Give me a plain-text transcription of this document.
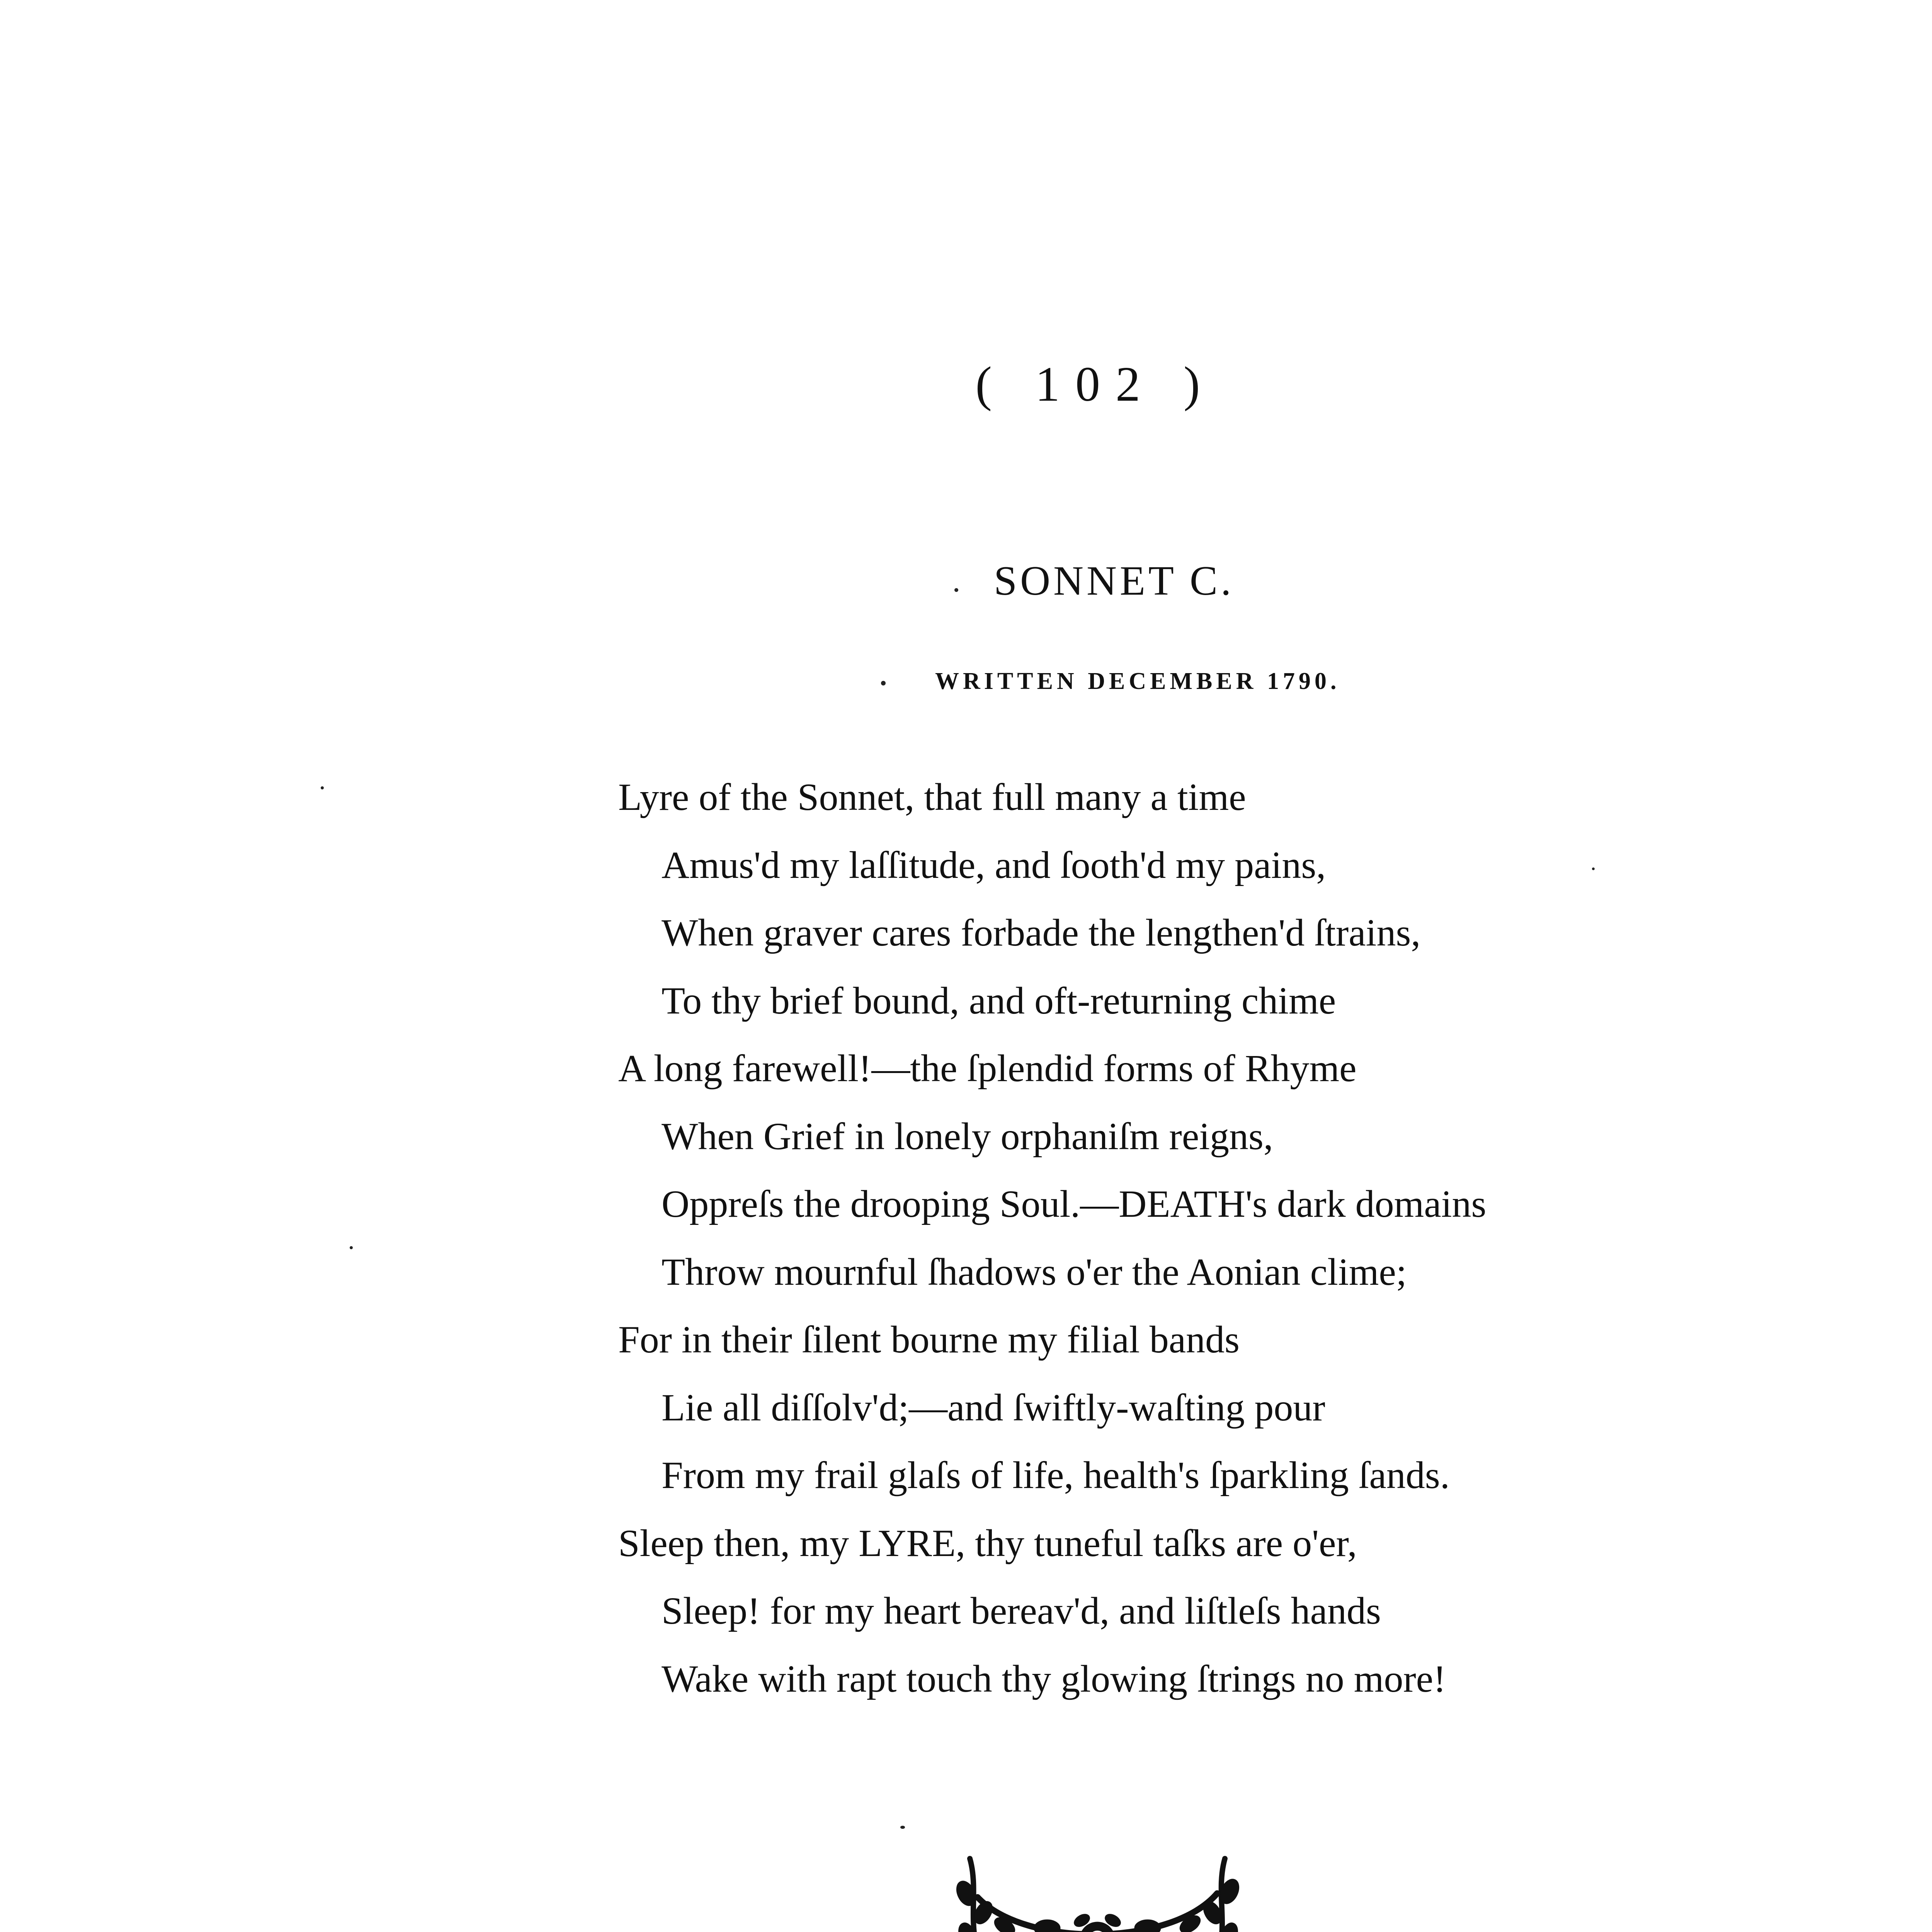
( 102 )
SONNET C.
WRITTEN DECEMBER 1790.
Lyre of the Sonnet, that full many a time
Amus'd my laſſitude, and ſooth'd my pains,
When graver cares forbade the lengthen'd ſtrains,
To thy brief bound, and oft-returning chime
A long farewell!—the ſplendid forms of Rhyme
When Grief in lonely orphaniſm reigns,
Oppreſs the drooping Soul.—DEATH's dark domains
Throw mournful ſhadows o'er the Aonian clime;
For in their ſilent bourne my filial bands
Lie all diſſolv'd;—and ſwiftly-waſting pour
From my frail glaſs of life, health's ſparkling ſands.
Sleep then, my LYRE, thy tuneful taſks are o'er,
Sleep! for my heart bereav'd, and liſtleſs hands
Wake with rapt touch thy glowing ſtrings no more!
